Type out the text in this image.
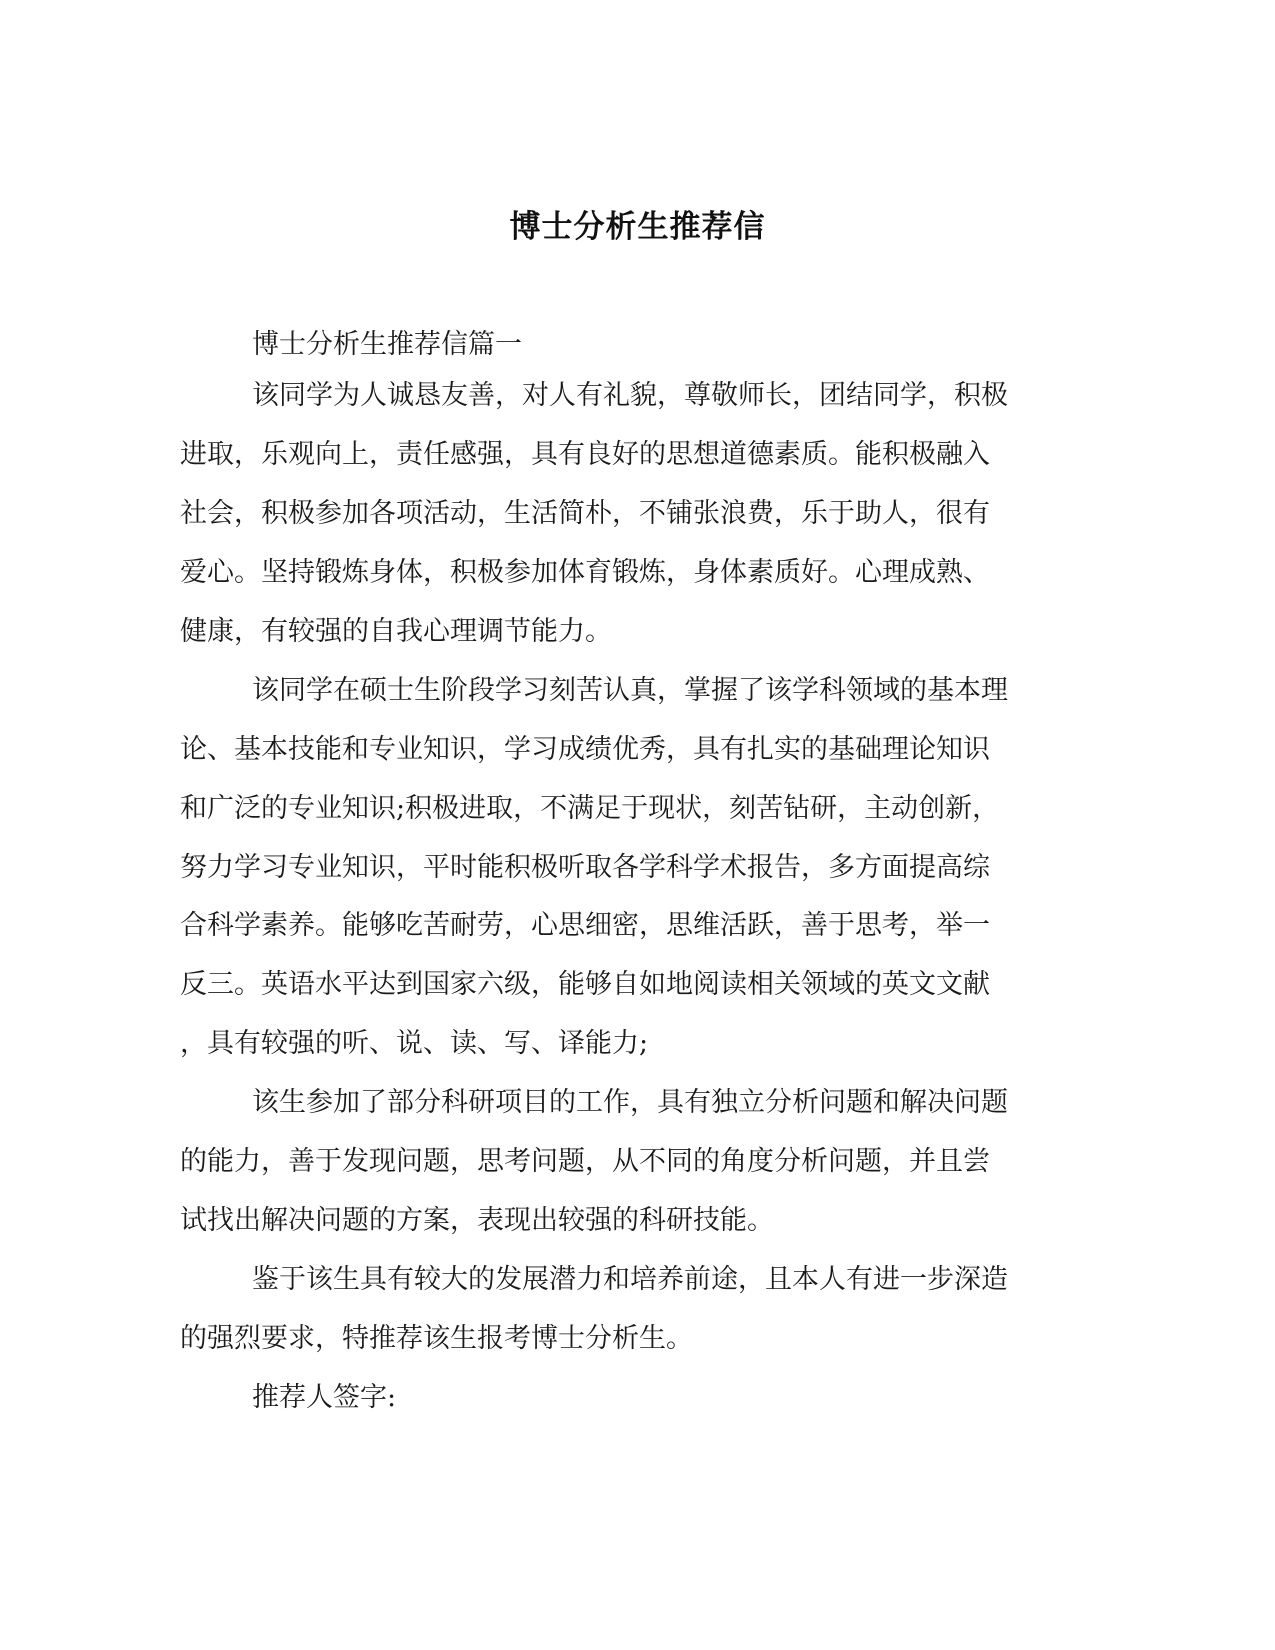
博士分析生推荐信
博士分析生推荐信篇一
该同学为人诚恳友善，对人有礼貌，尊敬师长，团结同学，积极
进取，乐观向上，责任感强，具有良好的思想道德素质。能积极融入
社会，积极参加各项活动，生活简朴，不铺张浪费，乐于助人，很有
爱心。坚持锻炼身体，积极参加体育锻炼，身体素质好。心理成熟、
健康，有较强的自我心理调节能力。
该同学在硕士生阶段学习刻苦认真，掌握了该学科领域的基本理
论、基本技能和专业知识，学习成绩优秀，具有扎实的基础理论知识
和广泛的专业知识;积极进取，不满足于现状，刻苦钻研，主动创新，
努力学习专业知识，平时能积极听取各学科学术报告，多方面提高综
合科学素养。能够吃苦耐劳，心思细密，思维活跃，善于思考，举一
反三。英语水平达到国家六级，能够自如地阅读相关领域的英文文献
，具有较强的听、说、读、写、译能力;
该生参加了部分科研项目的工作，具有独立分析问题和解决问题
的能力，善于发现问题，思考问题，从不同的角度分析问题，并且尝
试找出解决问题的方案，表现出较强的科研技能。
鉴于该生具有较大的发展潜力和培养前途，且本人有进一步深造
的强烈要求，特推荐该生报考博士分析生。
推荐人签字:
